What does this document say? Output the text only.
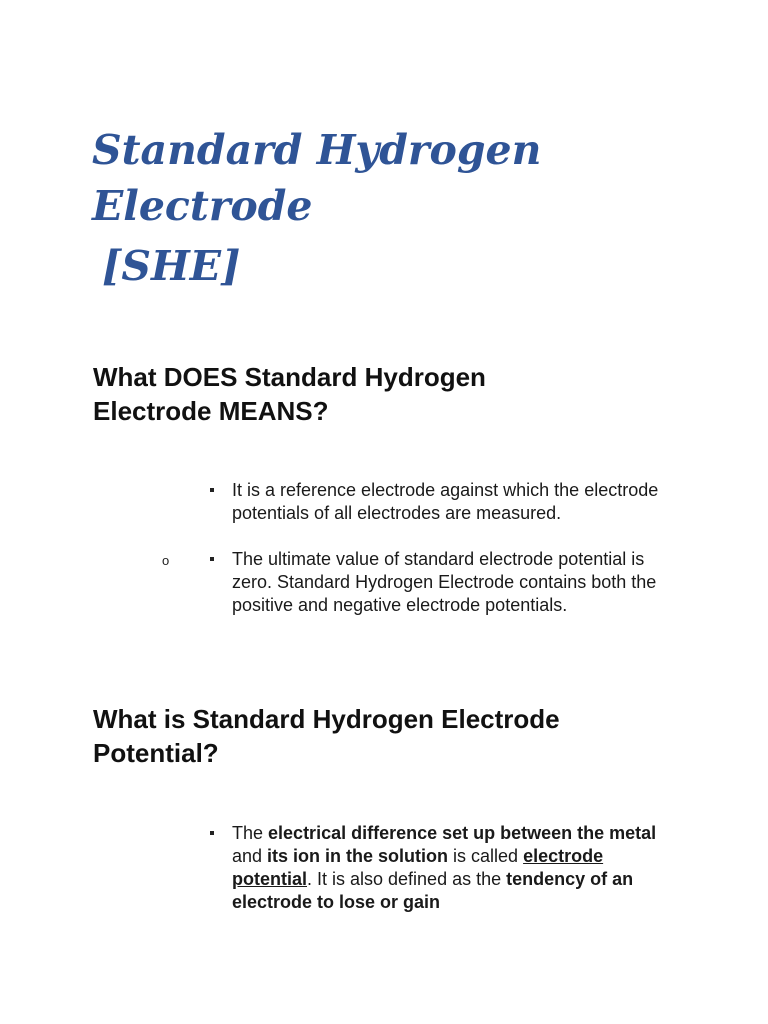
Standard Hydrogen
Electrode
[SHE]
What DOES Standard Hydrogen
Electrode MEANS?
o
It is a reference electrode against which the electrode potentials of all electrodes are measured.
The ultimate value of standard electrode potential is zero. Standard Hydrogen Electrode contains both the positive and negative electrode potentials.
What is Standard Hydrogen Electrode
Potential?
The electrical difference set up between the metal and its ion in the solution is called electrode potential. It is also defined as the tendency of an electrode to lose or gain
